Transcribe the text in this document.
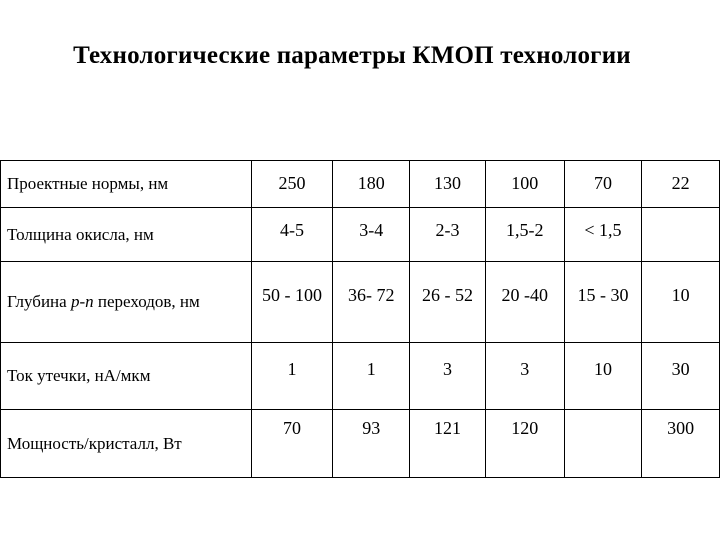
Технологические параметры КМОП технологии
Проектные нормы, нм	250	180	130	100	70	22
Толщина окисла, нм	4-5	3-4	2-3	1,5-2	< 1,5	
Глубина p-n переходов, нм	50 - 100	36- 72	26 - 52	20 -40	15 - 30	10
Ток утечки, нА/мкм	1	1	3	3	10	30
Мощность/кристалл, Вт	70	93	121	120		300
